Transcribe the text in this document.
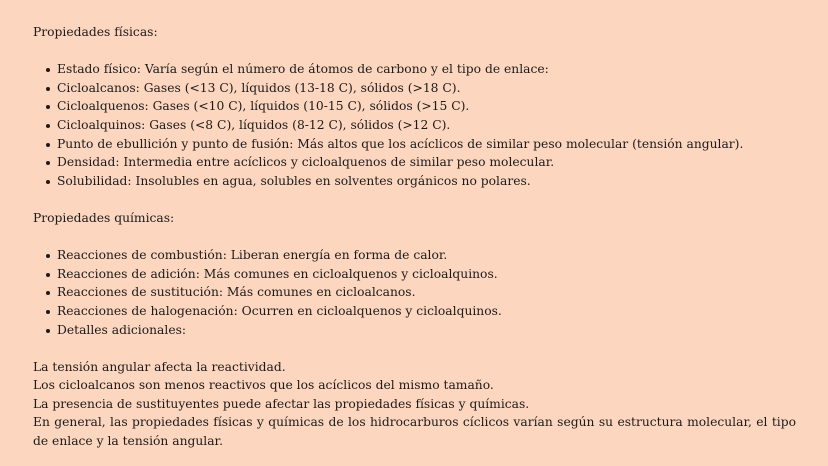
Propiedades físicas:

Estado físico: Varía según el número de átomos de carbono y el tipo de enlace:
Cicloalcanos: Gases (<13 C), líquidos (13-18 C), sólidos (>18 C).
Cicloalquenos: Gases (<10 C), líquidos (10-15 C), sólidos (>15 C).
Cicloalquinos: Gases (<8 C), líquidos (8-12 C), sólidos (>12 C).
Punto de ebullición y punto de fusión: Más altos que los acíclicos de similar peso molecular (tensión angular).
Densidad: Intermedia entre acíclicos y cicloalquenos de similar peso molecular.
Solubilidad: Insolubles en agua, solubles en solventes orgánicos no polares.

Propiedades químicas:

Reacciones de combustión: Liberan energía en forma de calor.
Reacciones de adición: Más comunes en cicloalquenos y cicloalquinos.
Reacciones de sustitución: Más comunes en cicloalcanos.
Reacciones de halogenación: Ocurren en cicloalquenos y cicloalquinos.
Detalles adicionales:

La tensión angular afecta la reactividad.

Los cicloalcanos son menos reactivos que los acíclicos del mismo tamaño.

La presencia de sustituyentes puede afectar las propiedades físicas y químicas.

En general, las propiedades físicas y químicas de los hidrocarburos cíclicos varían según su estructura molecular, el tipo de enlace y la tensión angular.
